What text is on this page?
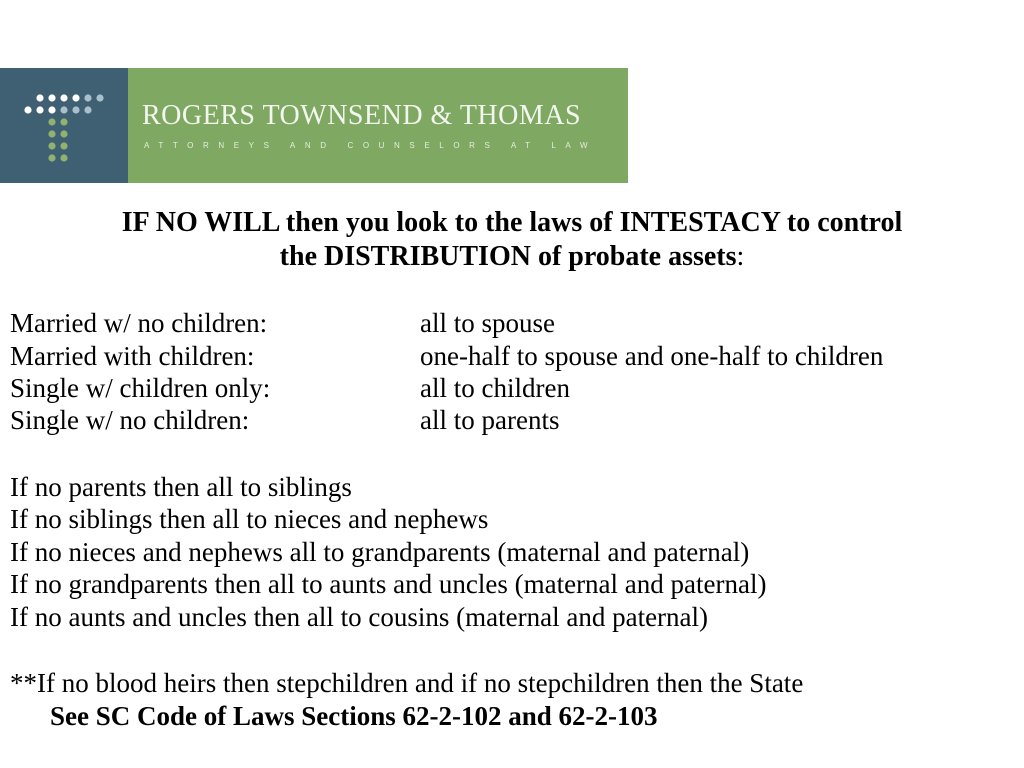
ROGERS TOWNSEND & THOMAS
ATTORNEYS AND COUNSELORS AT LAW
IF NO WILL then you look to the laws of INTESTACY to control
the DISTRIBUTION of probate assets:
Married w/ no children:	all to spouse
Married with children:	one-half to spouse and one-half to children
Single w/ children only:	all to children
Single w/ no children:	all to parents
If no parents then all to siblings
If no siblings then all to nieces and nephews
If no nieces and nephews all to grandparents (maternal and paternal)
If no grandparents then all to aunts and uncles (maternal and paternal)
If no aunts and uncles then all to cousins (maternal and paternal)
**If no blood heirs then stepchildren and if no stepchildren then the State
See SC Code of Laws Sections 62-2-102 and 62-2-103
